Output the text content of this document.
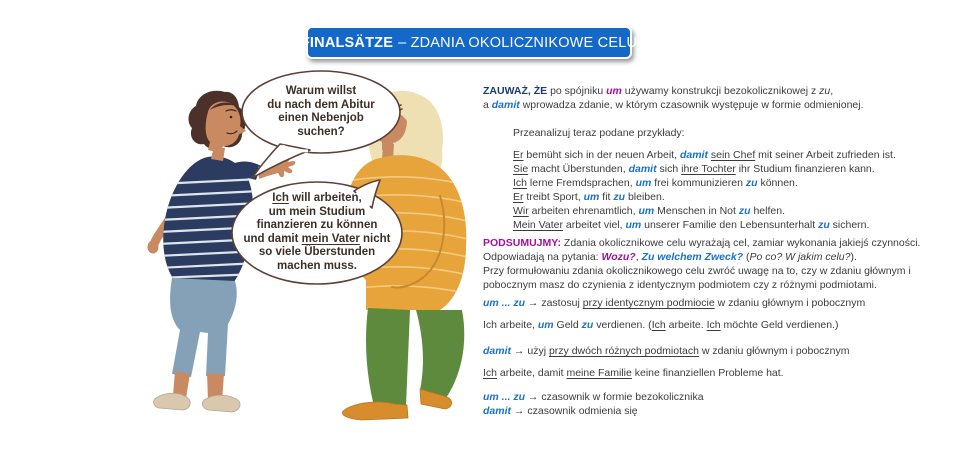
FINALSÄTZE – ZDANIA OKOLICZNIKOWE CELU
Warum willst
du nach dem Abitur
einen Nebenjob
suchen?
Ich will arbeiten,
um mein Studium
finanzieren zu können
und damit mein Vater nicht
so viele Überstunden
machen muss.
ZAUWAŻ, ŻE po spójniku um używamy konstrukcji bezokolicznikowej z zu,
a damit wprowadza zdanie, w którym czasownik występuje w formie odmienionej.
Przeanalizuj teraz podane przykłady:
Er bemüht sich in der neuen Arbeit, damit sein Chef mit seiner Arbeit zufrieden ist.
Sie macht Überstunden, damit sich ihre Tochter ihr Studium finanzieren kann.
Ich lerne Fremdsprachen, um frei kommunizieren zu können.
Er treibt Sport, um fit zu bleiben.
Wir arbeiten ehrenamtlich, um Menschen in Not zu helfen.
Mein Vater arbeitet viel, um unserer Familie den Lebensunterhalt zu sichern.
PODSUMUJMY: Zdania okolicznikowe celu wyrażają cel, zamiar wykonania jakiejś czynności.
Odpowiadają na pytania: Wozu?, Zu welchem Zweck? (Po co? W jakim celu?).
Przy formułowaniu zdania okolicznikowego celu zwróć uwagę na to, czy w zdaniu głównym i
pobocznym masz do czynienia z identycznym podmiotem czy z różnymi podmiotami.
um ... zu → zastosuj przy identycznym podmiocie w zdaniu głównym i pobocznym
Ich arbeite, um Geld zu verdienen. (Ich arbeite. Ich möchte Geld verdienen.)
damit → użyj przy dwóch różnych podmiotach w zdaniu głównym i pobocznym
Ich arbeite, damit meine Familie keine finanziellen Probleme hat.
um ... zu → czasownik w formie bezokolicznika
damit → czasownik odmienia się
